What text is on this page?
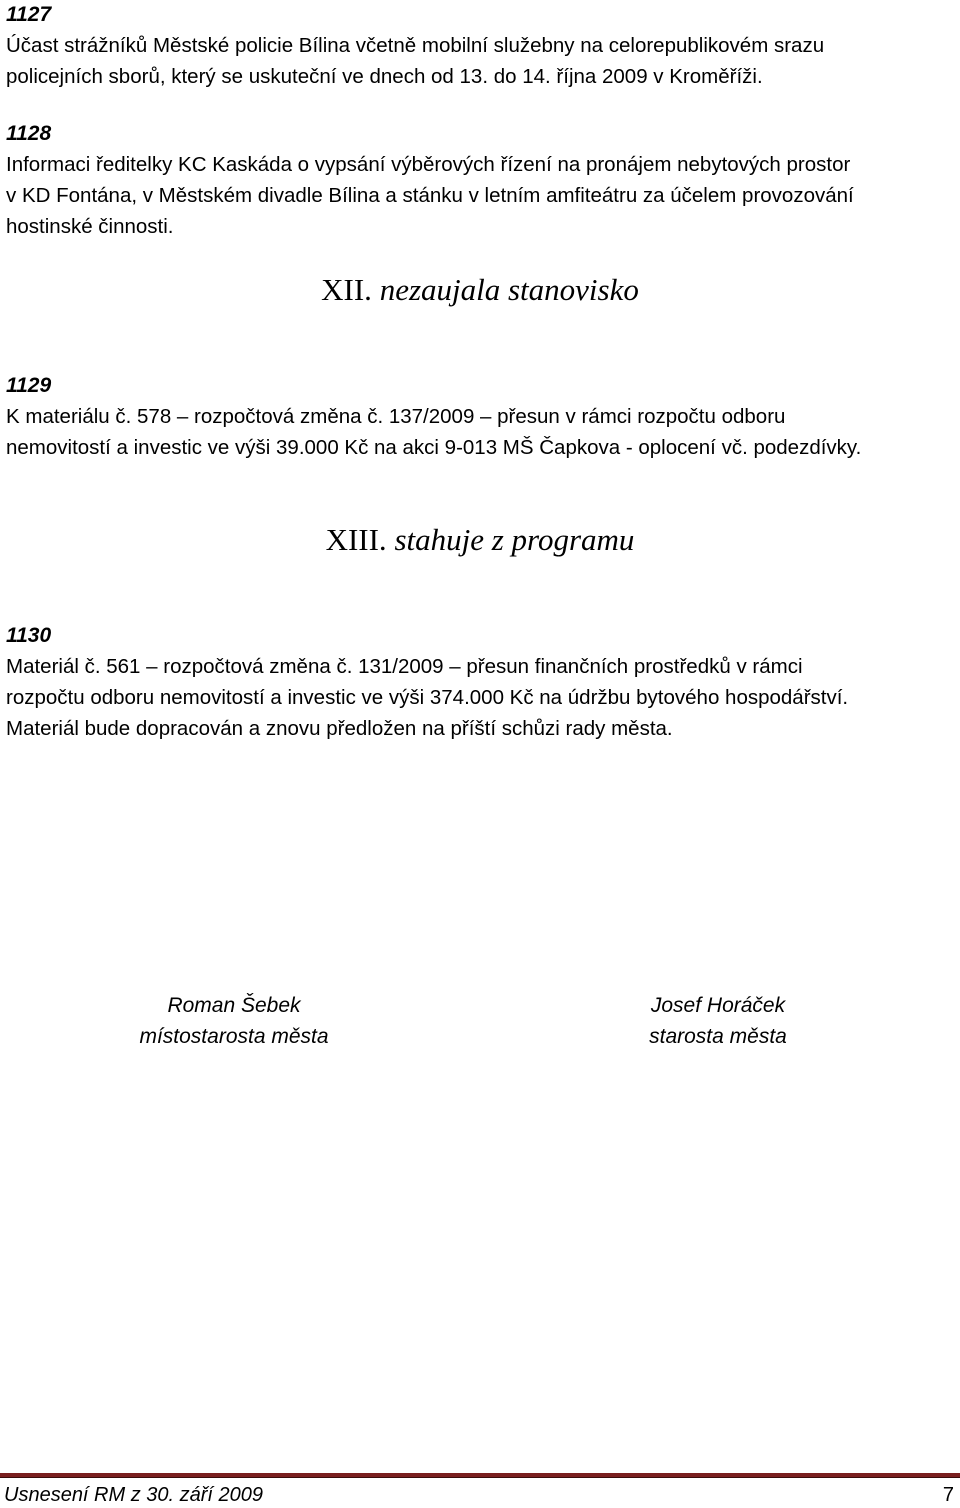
1127

Účast strážníků Městské policie Bílina včetně mobilní služebny na celorepublikovém srazu

policejních sborů, který se uskuteční ve dnech od 13. do 14. října 2009 v Kroměříži.

1128

Informaci ředitelky KC Kaskáda o vypsání výběrových řízení na pronájem nebytových prostor

v KD Fontána, v Městském divadle Bílina a stánku v letním amfiteátru za účelem provozování

hostinské činnosti.

XII. nezaujala stanovisko

1129

K materiálu č. 578 – rozpočtová změna č. 137/2009 – přesun v rámci rozpočtu odboru

nemovitostí a investic ve výši 39.000 Kč na akci 9-013 MŠ Čapkova - oplocení vč. podezdívky.

XIII. stahuje z programu

1130

Materiál č. 561 – rozpočtová změna č. 131/2009 – přesun finančních prostředků v rámci

rozpočtu odboru nemovitostí a investic ve výši 374.000 Kč na údržbu bytového hospodářství.

Materiál bude dopracován a znovu předložen na příští schůzi rady města.

Roman Šebek
místostarosta města
Josef Horáček
starosta města
Usnesení RM z 30. září 2009	7
